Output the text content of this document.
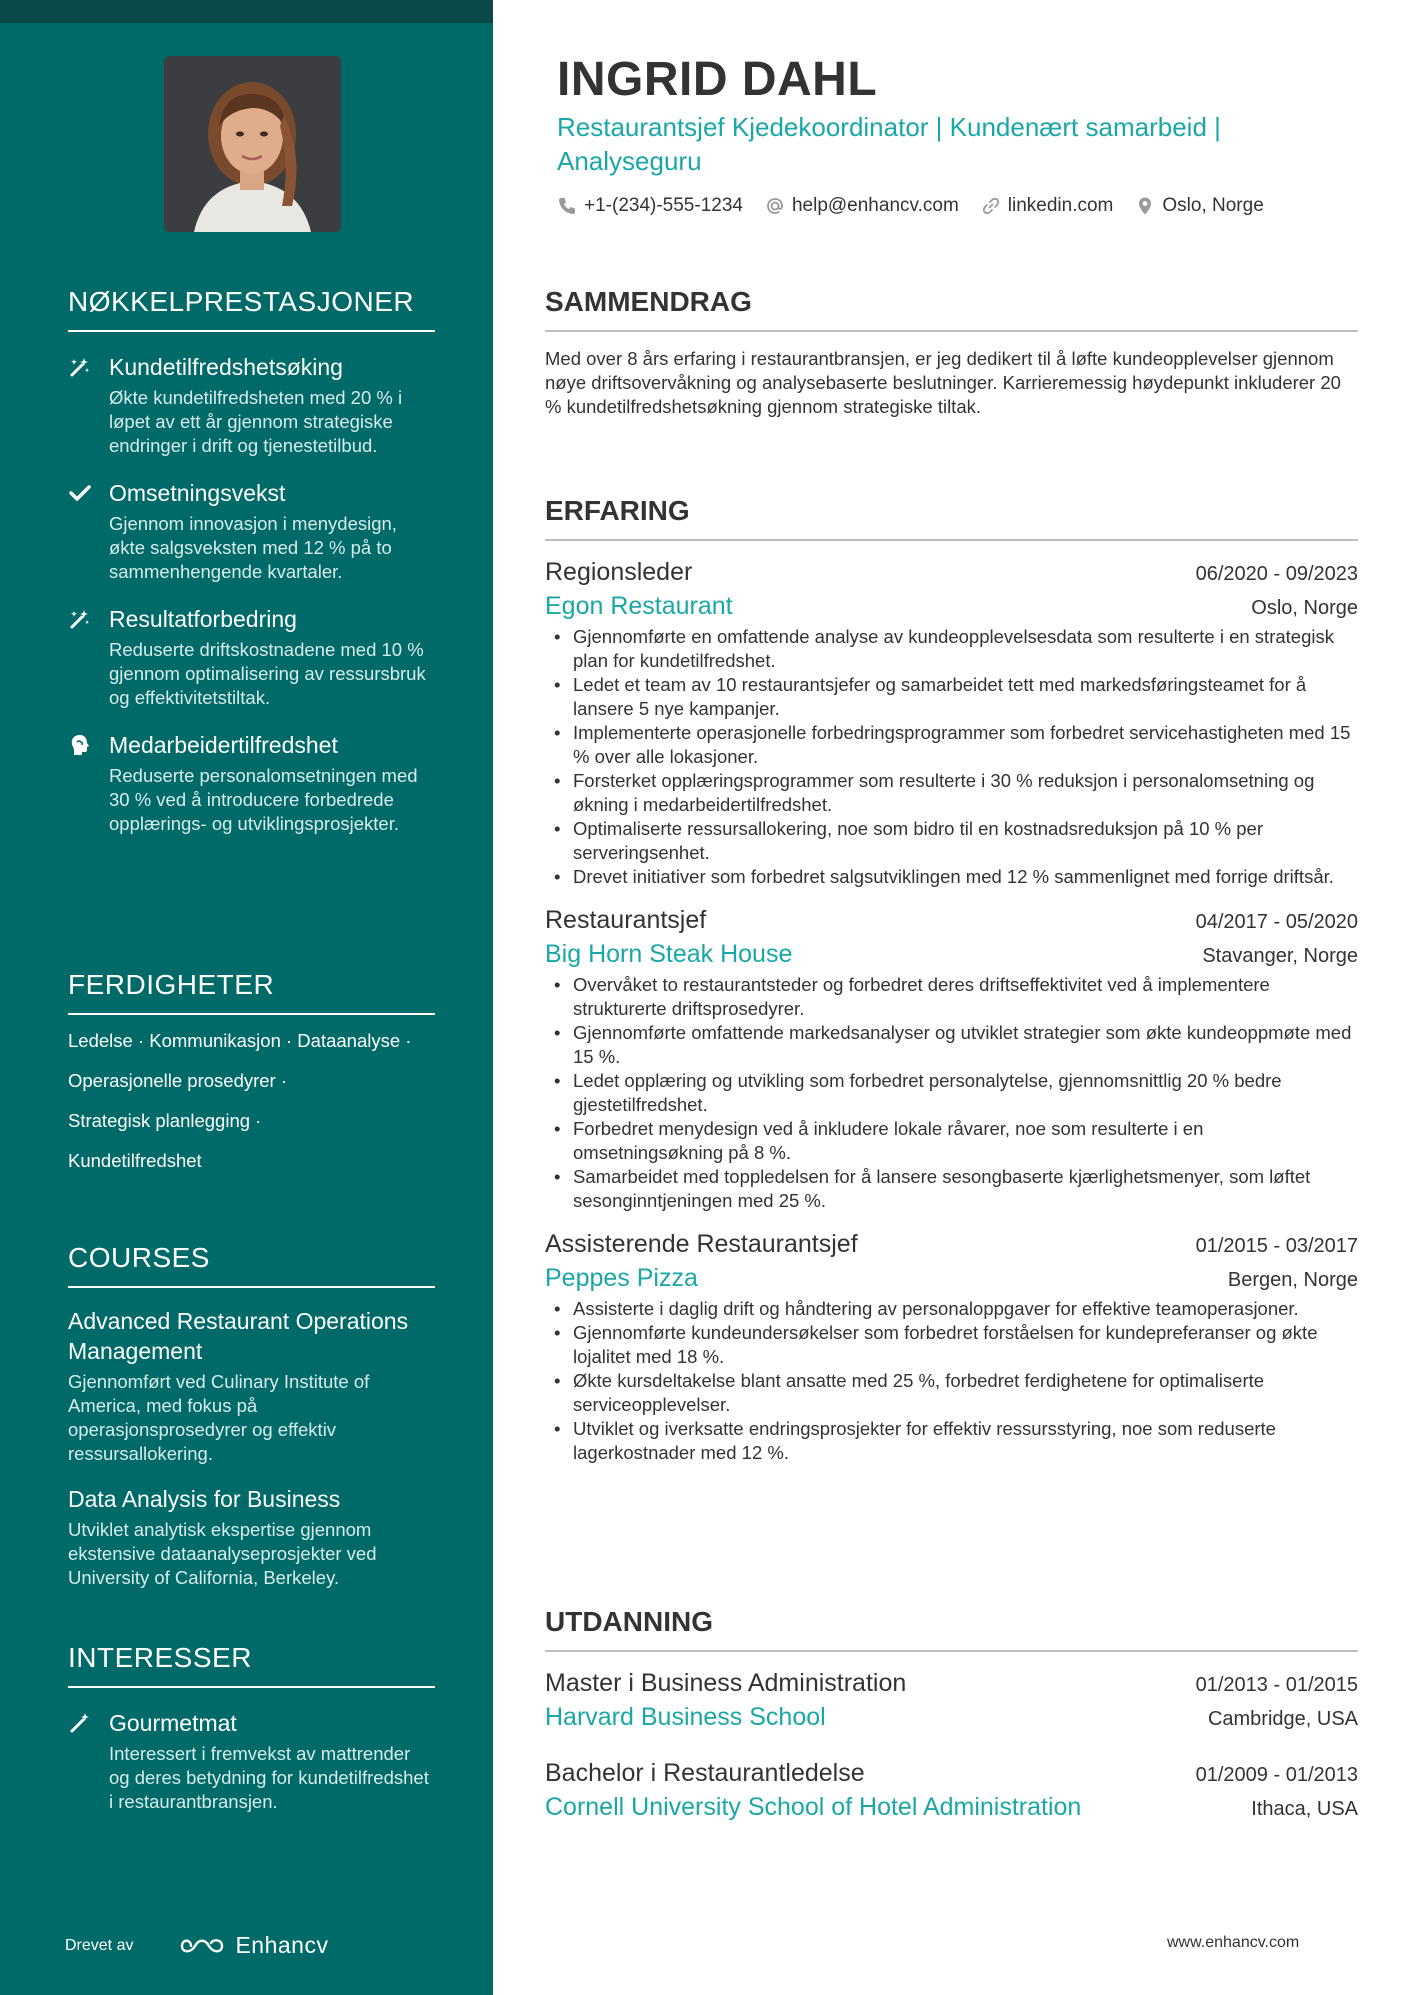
NØKKELPRESTASJONER
Kundetilfredshetsøking
Økte kundetilfredsheten med 20 % i løpet av ett år gjennom strategiske endringer i drift og tjenestetilbud.
Omsetningsvekst
Gjennom innovasjon i menydesign, økte salgsveksten med 12 % på to sammenhengende kvartaler.
Resultatforbedring
Reduserte driftskostnadene med 10 % gjennom optimalisering av ressursbruk og effektivitetstiltak.
Medarbeidertilfredshet
Reduserte personalomsetningen med 30 % ved å introducere forbedrede opplærings- og utviklingsprosjekter.
FERDIGHETER
Ledelse · Kommunikasjon · Dataanalyse ·
Operasjonelle prosedyrer ·
Strategisk planlegging ·
Kundetilfredshet
COURSES
Advanced Restaurant Operations Management
Gjennomført ved Culinary Institute of America, med fokus på operasjonsprosedyrer og effektiv ressursallokering.
Data Analysis for Business
Utviklet analytisk ekspertise gjennom ekstensive dataanalyseprosjekter ved University of California, Berkeley.
INTERESSER
Gourmetmat
Interessert i fremvekst av mattrender og deres betydning for kundetilfredshet i restaurantbransjen.
Drevet av	Enhancv
INGRID DAHL
Restaurantsjef Kjedekoordinator | Kundenært samarbeid | Analyseguru
+1-(234)-555-1234	help@enhancv.com	linkedin.com	Oslo, Norge
SAMMENDRAG

Med over 8 års erfaring i restaurantbransjen, er jeg dedikert til å løfte kundeopplevelser gjennom nøye driftsovervåkning og analysebaserte beslutninger. Karrieremessig høydepunkt inkluderer 20 % kundetilfredshetsøkning gjennom strategiske tiltak.

ERFARING
Regionsleder	06/2020 - 09/2023
Egon Restaurant	Oslo, Norge
• Gjennomførte en omfattende analyse av kundeopplevelsesdata som resulterte i en strategisk plan for kundetilfredshet.
• Ledet et team av 10 restaurantsjefer og samarbeidet tett med markedsføringsteamet for å lansere 5 nye kampanjer.
• Implementerte operasjonelle forbedringsprogrammer som forbedret servicehastigheten med 15 % over alle lokasjoner.
• Forsterket opplæringsprogrammer som resulterte i 30 % reduksjon i personalomsetning og økning i medarbeidertilfredshet.
• Optimaliserte ressursallokering, noe som bidro til en kostnadsreduksjon på 10 % per serveringsenhet.
• Drevet initiativer som forbedret salgsutviklingen med 12 % sammenlignet med forrige driftsår.
Restaurantsjef	04/2017 - 05/2020
Big Horn Steak House	Stavanger, Norge
• Overvåket to restaurantsteder og forbedret deres driftseffektivitet ved å implementere strukturerte driftsprosedyrer.
• Gjennomførte omfattende markedsanalyser og utviklet strategier som økte kundeoppmøte med 15 %.
• Ledet opplæring og utvikling som forbedret personalytelse, gjennomsnittlig 20 % bedre gjestetilfredshet.
• Forbedret menydesign ved å inkludere lokale råvarer, noe som resulterte i en omsetningsøkning på 8 %.
• Samarbeidet med toppledelsen for å lansere sesongbaserte kjærlighetsmenyer, som løftet sesonginntjeningen med 25 %.
Assisterende Restaurantsjef	01/2015 - 03/2017
Peppes Pizza	Bergen, Norge
• Assisterte i daglig drift og håndtering av personaloppgaver for effektive teamoperasjoner.
• Gjennomførte kundeundersøkelser som forbedret forståelsen for kundepreferanser og økte lojalitet med 18 %.
• Økte kursdeltakelse blant ansatte med 25 %, forbedret ferdighetene for optimaliserte serviceopplevelser.
• Utviklet og iverksatte endringsprosjekter for effektiv ressursstyring, noe som reduserte lagerkostnader med 12 %.
UTDANNING
Master i Business Administration	01/2013 - 01/2015
Harvard Business School	Cambridge, USA
Bachelor i Restaurantledelse	01/2009 - 01/2013
Cornell University School of Hotel Administration	Ithaca, USA
www.enhancv.com
